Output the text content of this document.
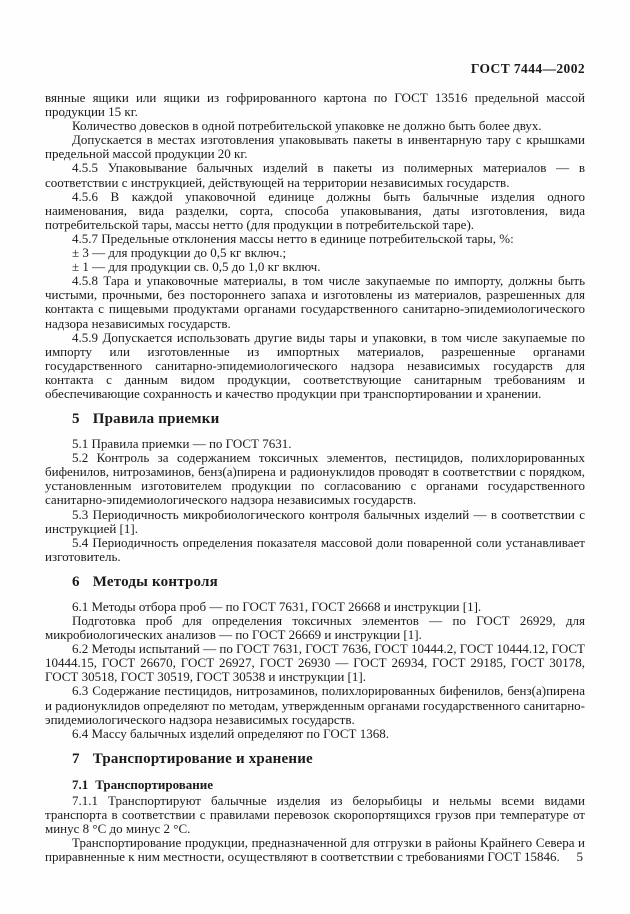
ГОСТ 7444—2002

вянные ящики или ящики из гофрированного картона по ГОСТ 13516 предельной массой продукции 15 кг.

Количество довесков в одной потребительской упаковке не должно быть более двух.

Допускается в местах изготовления упаковывать пакеты в инвентарную тару с крышками предельной массой продукции 20 кг.

4.5.5 Упаковывание балычных изделий в пакеты из полимерных материалов — в соответствии с инструкцией, действующей на территории независимых государств.

4.5.6 В каждой упаковочной единице должны быть балычные изделия одного наименования, вида разделки, сорта, способа упаковывания, даты изготовления, вида потребительской тары, массы нетто (для продукции в потребительской таре).

4.5.7 Предельные отклонения массы нетто в единице потребительской тары, %:

± 3 — для продукции до 0,5 кг включ.;

± 1 — для продукции св. 0,5 до 1,0 кг включ.

4.5.8 Тара и упаковочные материалы, в том числе закупаемые по импорту, должны быть чистыми, прочными, без постороннего запаха и изготовлены из материалов, разрешенных для контакта с пищевыми продуктами органами государственного санитарно-эпидемиологического надзора независимых государств.

4.5.9 Допускается использовать другие виды тары и упаковки, в том числе закупаемые по импорту или изготовленные из импортных материалов, разрешенные органами государственного санитарно-эпидемиологического надзора независимых государств для контакта с данным видом продукции, соответствующие санитарным требованиям и обеспечивающие сохранность и качество продукции при транспортировании и хранении.

5 Правила приемки

5.1 Правила приемки — по ГОСТ 7631.

5.2 Контроль за содержанием токсичных элементов, пестицидов, полихлорированных бифенилов, нитрозаминов, бенз(а)пирена и радионуклидов проводят в соответствии с порядком, установленным изготовителем продукции по согласованию с органами государственного санитарно-эпидемиологического надзора независимых государств.

5.3 Периодичность микробиологического контроля балычных изделий — в соответствии с инструкцией [1].

5.4 Периодичность определения показателя массовой доли поваренной соли устанавливает изготовитель.

6 Методы контроля

6.1 Методы отбора проб — по ГОСТ 7631, ГОСТ 26668 и инструкции [1].

Подготовка проб для определения токсичных элементов — по ГОСТ 26929, для микробиологических анализов — по ГОСТ 26669 и инструкции [1].

6.2 Методы испытаний — по ГОСТ 7631, ГОСТ 7636, ГОСТ 10444.2, ГОСТ 10444.12, ГОСТ 10444.15, ГОСТ 26670, ГОСТ 26927, ГОСТ 26930 — ГОСТ 26934, ГОСТ 29185, ГОСТ 30178, ГОСТ 30518, ГОСТ 30519, ГОСТ 30538 и инструкции [1].

6.3 Содержание пестицидов, нитрозаминов, полихлорированных бифенилов, бенз(а)пирена и радионуклидов определяют по методам, утвержденным органами государственного санитарно-эпидемиологического надзора независимых государств.

6.4 Массу балычных изделий определяют по ГОСТ 1368.

7 Транспортирование и хранение
7.1 Транспортирование

7.1.1 Транспортируют балычные изделия из белорыбицы и нельмы всеми видами транспорта в соответствии с правилами перевозок скоропортящихся грузов при температуре от минус 8 °С до минус 2 °С.

Транспортирование продукции, предназначенной для отгрузки в районы Крайнего Севера и приравненные к ним местности, осуществляют в соответствии с требованиями ГОСТ 15846.	5
